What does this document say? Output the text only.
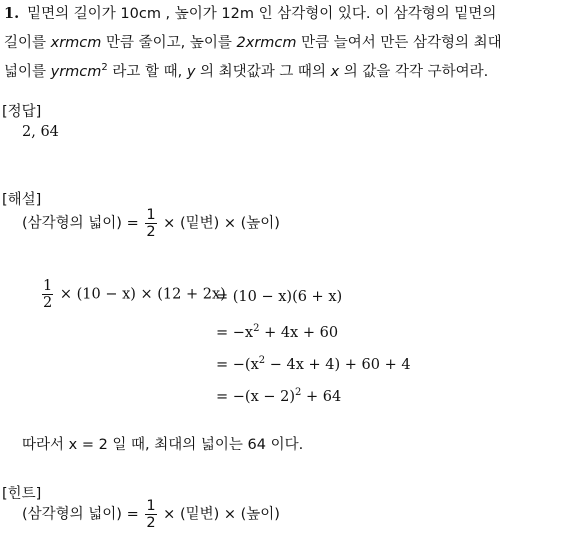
1. 밑면의 길이가 10cm , 높이가 12m 인 삼각형이 있다. 이 삼각형의 밑면의
길이를 xrmcm 만큼 줄이고, 높이를 2xrmcm 만큼 늘여서 만든 삼각형의 최대
넓이를 yrmcm$^2$ 라고 할 때, y 의 최댓값과 그 때의 x 의 값을 각각 구하여라.
[정답]
2, 64
[해설]
(삼각형의 넓이) = $\frac{1}{2}$ × (밑변) × (높이)
$\frac{1}{2} \times (10 - x) \times (12 + 2x)$
= (10 − x)(6 + x)
= $-x^2 + 4x + 60$
= $-(x^2 - 4x + 4) + 60 + 4$
= $-(x - 2)^2 + 64$
따라서 x = 2 일 때, 최대의 넓이는 64 이다.
[힌트]
(삼각형의 넓이) = $\frac{1}{2}$ × (밑변) × (높이)
